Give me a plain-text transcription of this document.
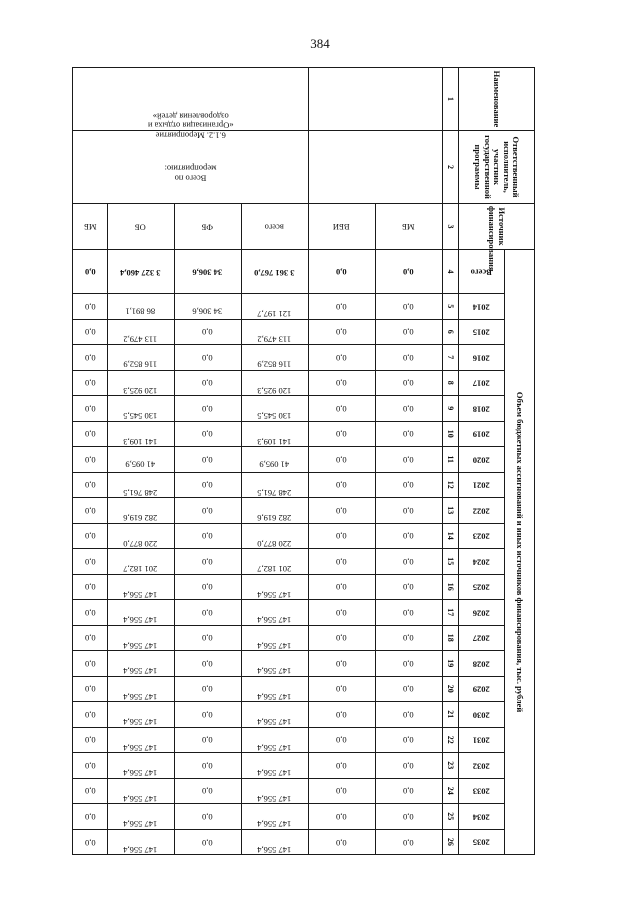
384
Наименование	Ответственный исполнитель, участник государственной программы	Источник финансирования	Объем бюджетных ассигнований и иных источников финансирования, тыс. рублей																						
			Всего	2014	2015	2016	2017	2018	2019	2020	2021	2022	2023	2024	2025	2026	2027	2028	2029	2030	2031	2032	2033	2034	2035
1	2	3	4	5	6	7	8	9	10	11	12	13	14	15	16	17	18	19	20	21	22	23	24	25	26
		МБ	0,0	0,0	0,0	0,0	0,0	0,0	0,0	0,0	0,0	0,0	0,0	0,0	0,0	0,0	0,0	0,0	0,0	0,0	0,0	0,0	0,0	0,0	0,0
		ВБИ	0,0	0,0	0,0	0,0	0,0	0,0	0,0	0,0	0,0	0,0	0,0	0,0	0,0	0,0	0,0	0,0	0,0	0,0	0,0	0,0	0,0	0,0	0,0
6.1.2. Мероприятие «Организация отдыха и оздоровления детей»	Всего по мероприятию:	всего	3 361 767,0	121 197,7	113 479,2	116 852,9	120 925,3	130 545,5	141 109,3	41 095,9	248 761,5	282 619,6	220 877,0	201 182,7	147 556,4	147 556,4	147 556,4	147 556,4	147 556,4	147 556,4	147 556,4	147 556,4	147 556,4	147 556,4	147 556,4
		ФБ	34 306,6	34 306,6	0,0	0,0	0,0	0,0	0,0	0,0	0,0	0,0	0,0	0,0	0,0	0,0	0,0	0,0	0,0	0,0	0,0	0,0	0,0	0,0	0,0
		ОБ	3 327 460,4	86 891,1	113 479,2	116 852,9	120 925,3	130 545,5	141 109,3	41 095,9	248 761,5	282 619,6	220 877,0	201 182,7	147 556,4	147 556,4	147 556,4	147 556,4	147 556,4	147 556,4	147 556,4	147 556,4	147 556,4	147 556,4	147 556,4
		МБ	0,0	0,0	0,0	0,0	0,0	0,0	0,0	0,0	0,0	0,0	0,0	0,0	0,0	0,0	0,0	0,0	0,0	0,0	0,0	0,0	0,0	0,0	0,0
